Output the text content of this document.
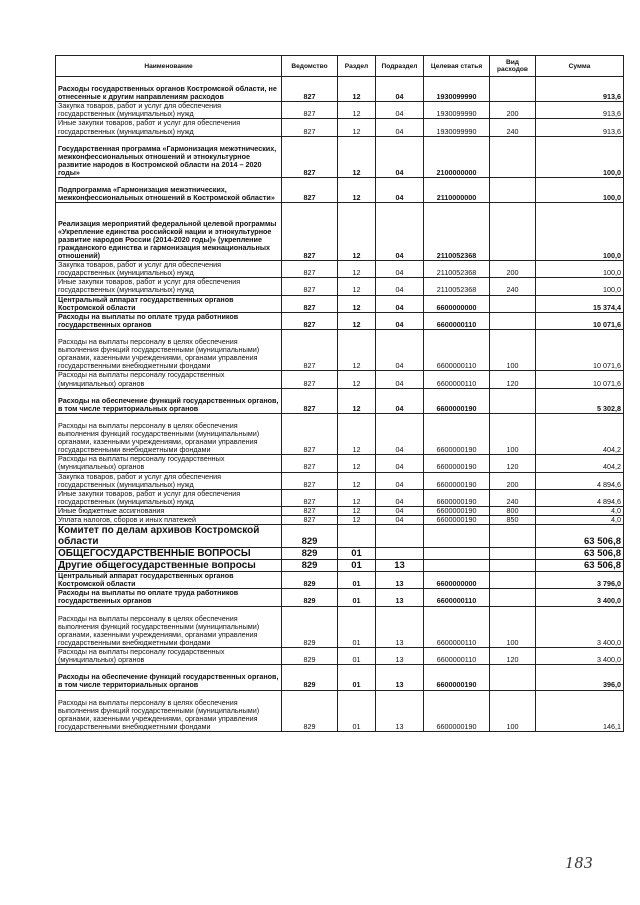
Наименование	Ведомство	Раздел	Подраздел	Целевая статья	Вид расходов	Сумма
Расходы государственных органов Костромской области, не отнесенные к другим направлениям расходов	827	12	04	1930099990		913,6
Закупка товаров, работ и услуг для обеспечения государственных (муниципальных) нужд	827	12	04	1930099990	200	913,6
Иные закупки товаров, работ и услуг для обеспечения государственных (муниципальных) нужд	827	12	04	1930099990	240	913,6
Государственная программа «Гармонизация межэтнических, межконфессиональных отношений и этнокультурное развитие народов в Костромской области на 2014 – 2020 годы»	827	12	04	2100000000		100,0
Подпрограмма «Гармонизация межэтнических, межконфессиональных отношений в Костромской области»	827	12	04	2110000000		100,0
Реализация мероприятий федеральной целевой программы «Укрепление единства российской нации и этнокультурное развитие народов России (2014-2020 годы)» (укрепление гражданского единства и гармонизация межнациональных отношений)	827	12	04	2110052368		100,0
Закупка товаров, работ и услуг для обеспечения государственных (муниципальных) нужд	827	12	04	2110052368	200	100,0
Иные закупки товаров, работ и услуг для обеспечения государственных (муниципальных) нужд	827	12	04	2110052368	240	100,0
Центральный аппарат государственных органов Костромской области	827	12	04	6600000000		15 374,4
Расходы на выплаты по оплате труда работников государственных органов	827	12	04	6600000110		10 071,6
Расходы на выплаты персоналу в целях обеспечения выполнения функций государственными (муниципальными) органами, казенными учреждениями, органами управления государственными внебюджетными фондами	827	12	04	6600000110	100	10 071,6
Расходы на выплаты персоналу государственных (муниципальных) органов	827	12	04	6600000110	120	10 071,6
Расходы на обеспечение функций государственных органов, в том числе территориальных органов	827	12	04	6600000190		5 302,8
Расходы на выплаты персоналу в целях обеспечения выполнения функций государственными (муниципальными) органами, казенными учреждениями, органами управления государственными внебюджетными фондами	827	12	04	6600000190	100	404,2
Расходы на выплаты персоналу государственных (муниципальных) органов	827	12	04	6600000190	120	404,2
Закупка товаров, работ и услуг для обеспечения государственных (муниципальных) нужд	827	12	04	6600000190	200	4 894,6
Иные закупки товаров, работ и услуг для обеспечения государственных (муниципальных) нужд	827	12	04	6600000190	240	4 894,6
Иные бюджетные ассигнования	827	12	04	6600000190	800	4,0
Уплата налогов, сборов и иных платежей	827	12	04	6600000190	850	4,0
Комитет по делам архивов Костромской области	829					63 506,8
ОБЩЕГОСУДАРСТВЕННЫЕ ВОПРОСЫ	829	01				63 506,8
Другие общегосударственные вопросы	829	01	13			63 506,8
Центральный аппарат государственных органов Костромской области	829	01	13	6600000000		3 796,0
Расходы на выплаты по оплате труда работников государственных органов	829	01	13	6600000110		3 400,0
Расходы на выплаты персоналу в целях обеспечения выполнения функций государственными (муниципальными) органами, казенными учреждениями, органами управления государственными внебюджетными фондами	829	01	13	6600000110	100	3 400,0
Расходы на выплаты персоналу государственных (муниципальных) органов	829	01	13	6600000110	120	3 400,0
Расходы на обеспечение функций государственных органов, в том числе территориальных органов	829	01	13	6600000190		396,0
Расходы на выплаты персоналу в целях обеспечения выполнения функций государственными (муниципальными) органами, казенными учреждениями, органами управления государственными внебюджетными фондами	829	01	13	6600000190	100	146,1
183
